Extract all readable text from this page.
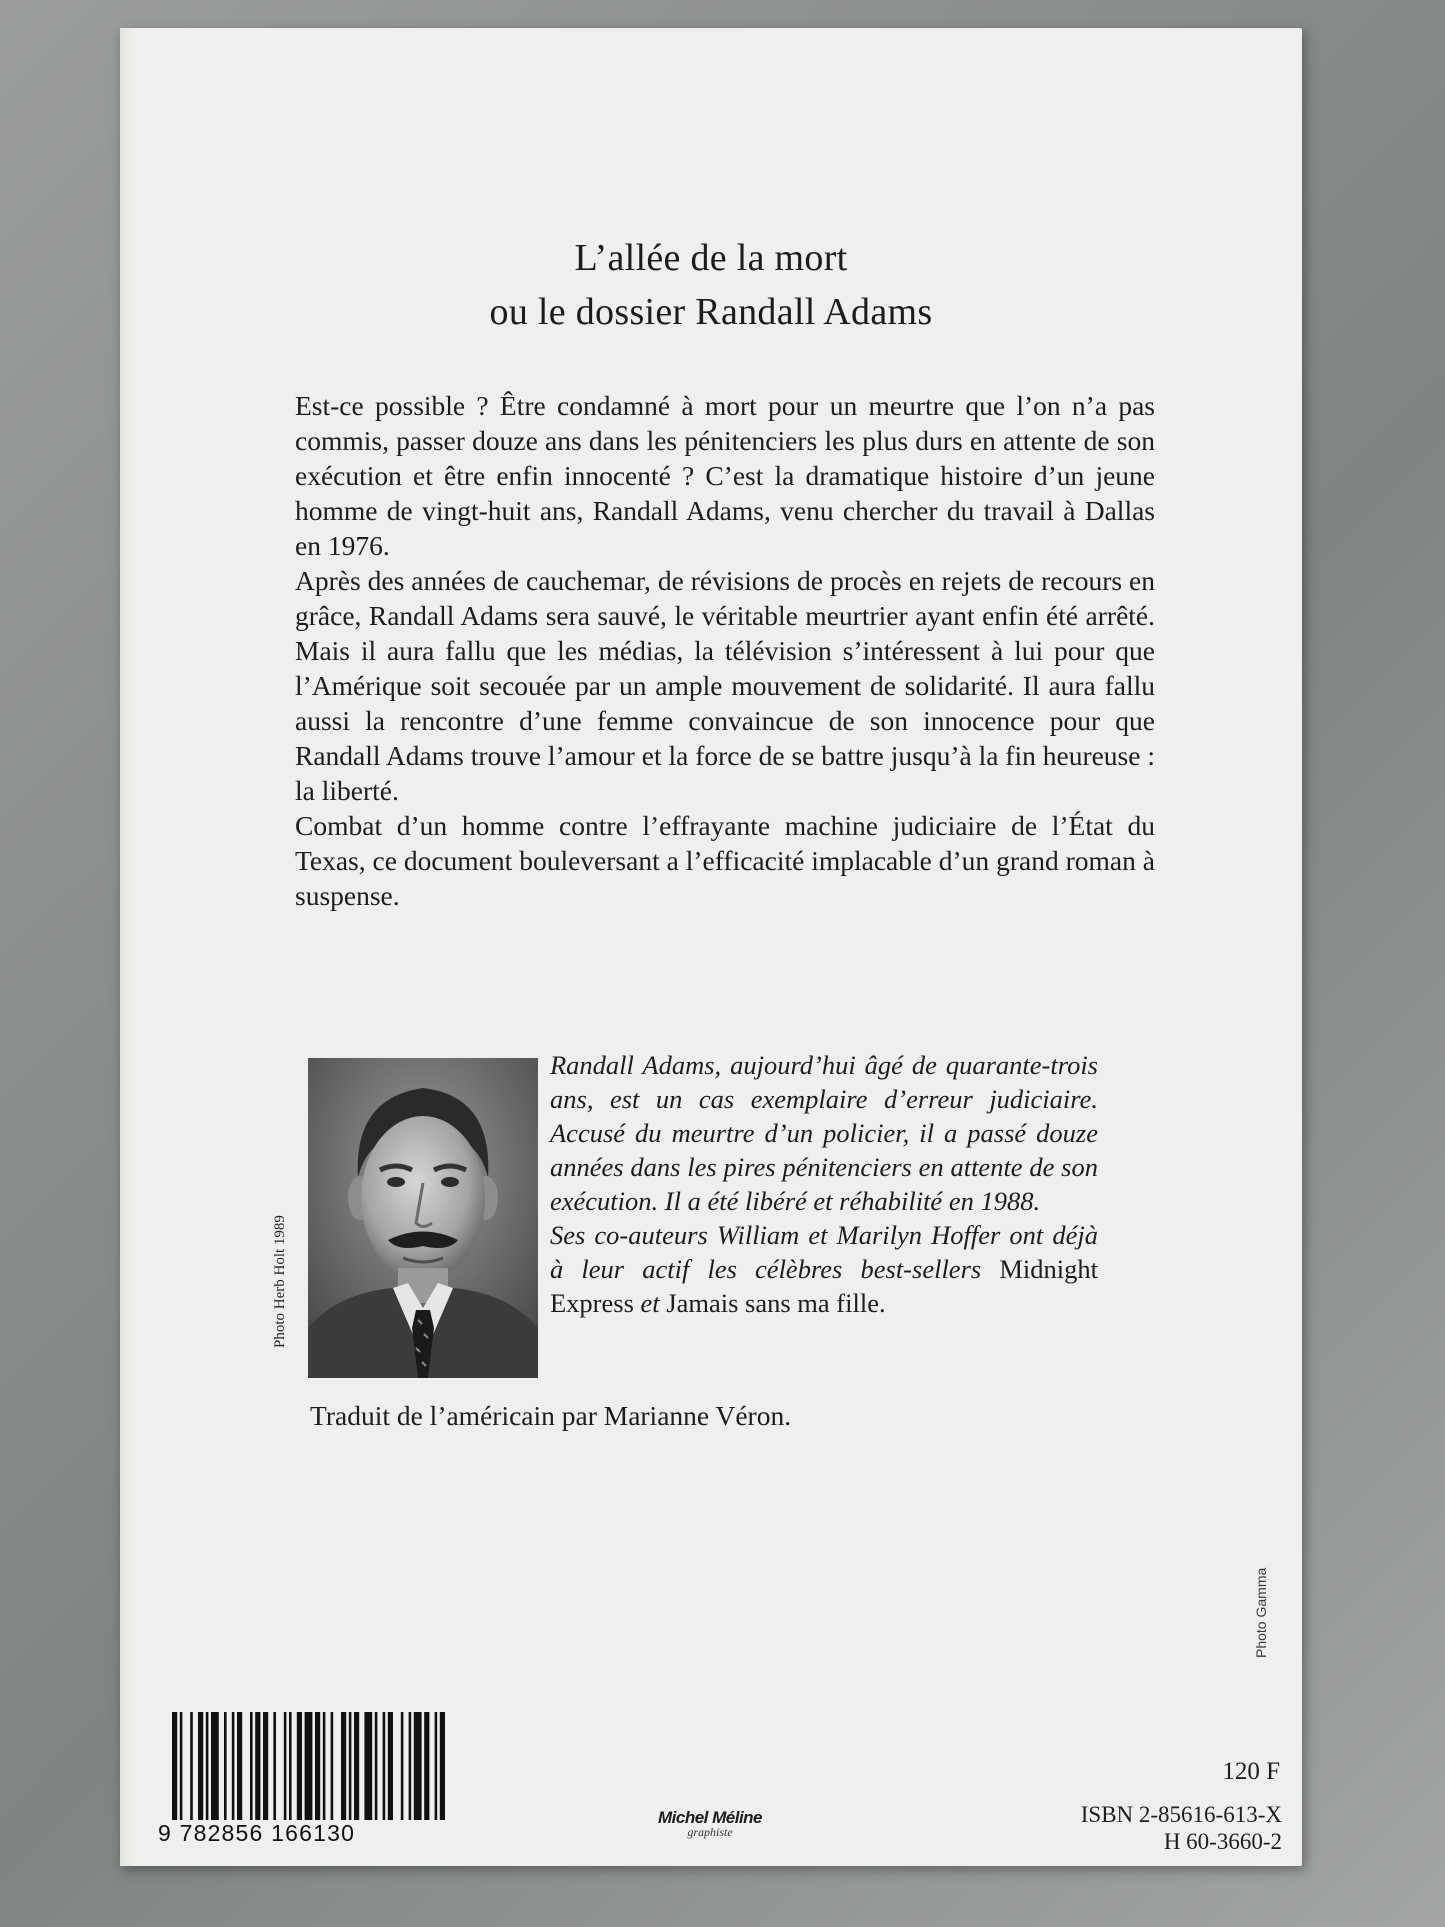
L’allée de la mort
ou le dossier Randall Adams

Est-ce possible ? Être condamné à mort pour un meurtre que l’on n’a pas commis, passer douze ans dans les pénitenciers les plus durs en attente de son exécution et être enfin innocenté ? C’est la dramatique histoire d’un jeune homme de vingt-huit ans, Randall Adams, venu chercher du travail à Dallas en 1976.

Après des années de cauchemar, de révisions de procès en rejets de recours en grâce, Randall Adams sera sauvé, le véritable meurtrier ayant enfin été arrêté. Mais il aura fallu que les médias, la télévision s’intéressent à lui pour que l’Amérique soit secouée par un ample mouvement de solidarité. Il aura fallu aussi la rencontre d’une femme convaincue de son innocence pour que Randall Adams trouve l’amour et la force de se battre jusqu’à la fin heureuse : la liberté.

Combat d’un homme contre l’effrayante machine judiciaire de l’État du Texas, ce document bouleversant a l’efficacité implacable d’un grand roman à suspense.

Photo Herb Holt 1989

Randall Adams, aujourd’hui âgé de quarante-trois ans, est un cas exemplaire d’erreur judiciaire. Accusé du meurtre d’un policier, il a passé douze années dans les pires pénitenciers en attente de son exécution. Il a été libéré et réhabilité en 1988.

Ses co-auteurs William et Marilyn Hoffer ont déjà à leur actif les célèbres best-sellers Midnight Express et Jamais sans ma fille.

Traduit de l’américain par Marianne Véron.
Photo Gamma
9 782856 166130
Michel Méline
graphiste
120 F
ISBN 2-85616-613-X
H 60-3660-2
